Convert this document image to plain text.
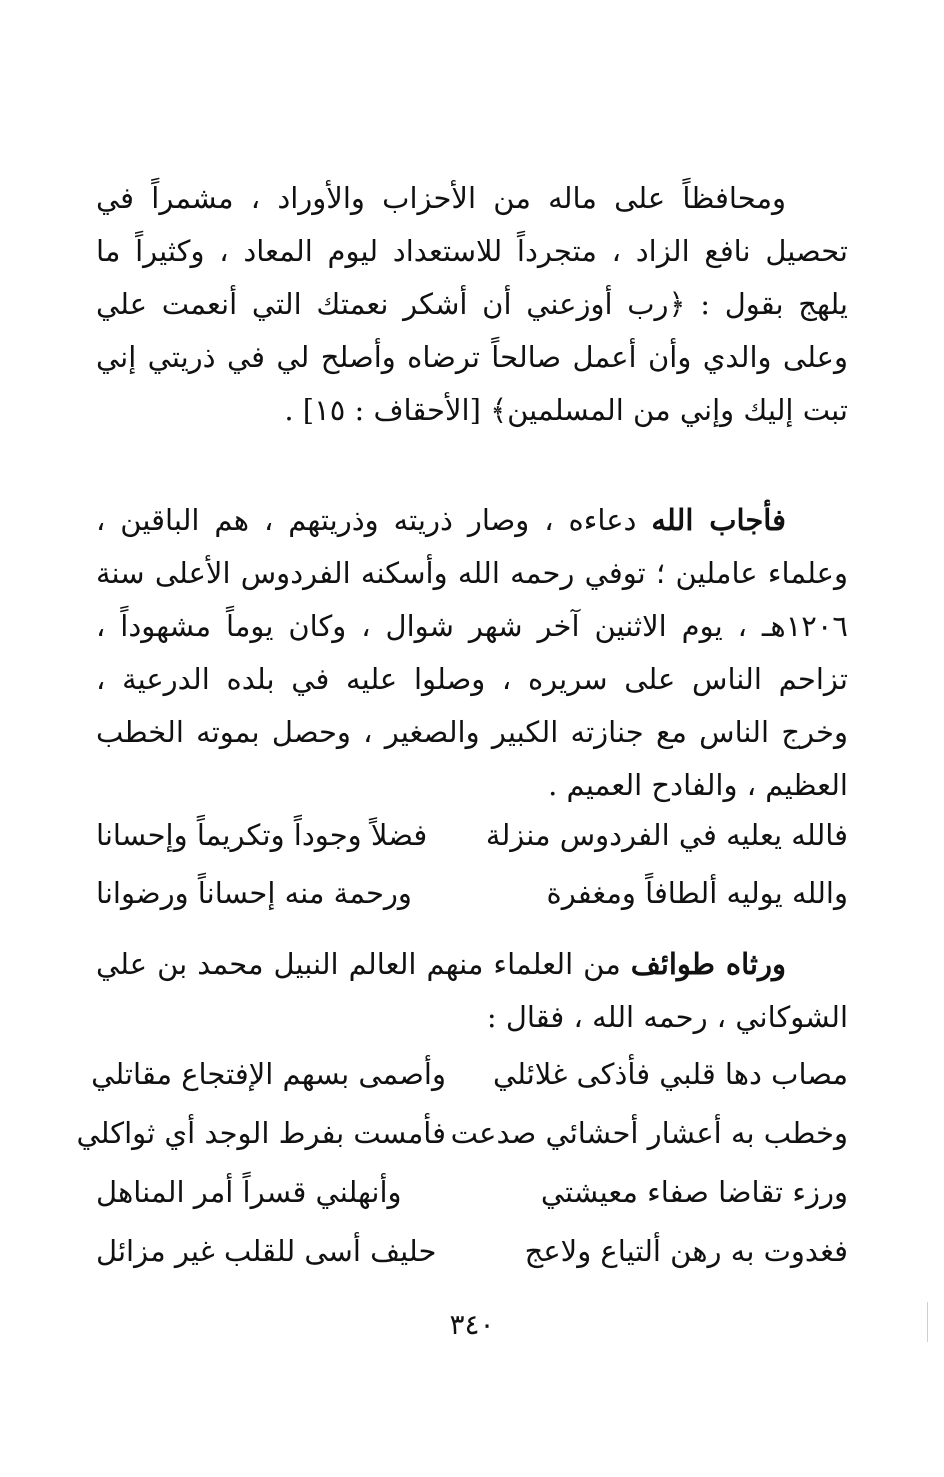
ومحافظاً على ماله من الأحزاب والأوراد ، مشمراً في تحصيل نافع الزاد ، متجرداً للاستعداد ليوم المعاد ، وكثيراً ما يلهج بقول : ﴿رب أوزعني أن أشكر نعمتك التي أنعمت علي وعلى والدي وأن أعمل صالحاً ترضاه وأصلح لي في ذريتي إني تبت إليك وإني من المسلمين﴾ [الأحقاف : ١٥] .

فأجاب الله دعاءه ، وصار ذريته وذريتهم ، هم الباقين ، وعلماء عاملين ؛ توفي رحمه الله وأسكنه الفردوس الأعلى سنة ١٢٠٦هـ ، يوم الاثنين آخر شهر شوال ، وكان يوماً مشهوداً ، تزاحم الناس على سريره ، وصلوا عليه في بلده الدرعية ، وخرج الناس مع جنازته الكبير والصغير ، وحصل بموته الخطب العظيم ، والفادح العميم .

فالله يعليه في الفردوس منزلة
فضلاً وجوداً وتكريماً وإحسانا
والله يوليه ألطافاً ومغفرة
ورحمة منه إحساناً ورضوانا

ورثاه طوائف من العلماء منهم العالم النبيل محمد بن علي الشوكاني ، رحمه الله ، فقال :

مصاب دها قلبي فأذكى غلائلي
وأصمى بسهم الإفتجاع مقاتلي
وخطب به أعشار أحشائي صدعت
فأمست بفرط الوجد أي ثواكلي
ورزء تقاضا صفاء معيشتي
وأنهلني قسراً أمر المناهل
فغدوت به رهن ألتياع ولاعج
حليف أسى للقلب غير مزائل
٣٤٠
